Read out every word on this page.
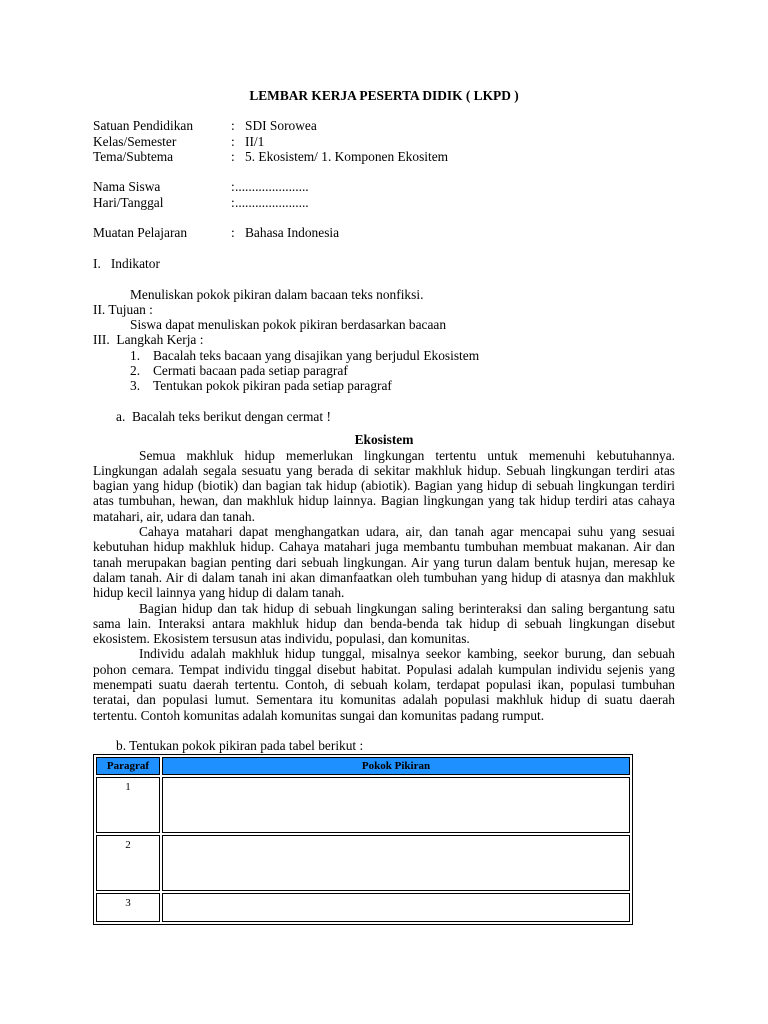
LEMBAR KERJA PESERTA DIDIK ( LKPD )
Satuan Pendidikan	: SDI Sorowea
Kelas/Semester	: II/1
Tema/Subtema	: 5. Ekosistem/ 1. Komponen Ekositem
Nama Siswa	: ......................
Hari/Tanggal	: ......................
Muatan Pelajaran	: Bahasa Indonesia
I.   Indikator
Menuliskan pokok pikiran dalam bacaan teks nonfiksi.
II. Tujuan :
Siswa dapat menuliskan pokok pikiran berdasarkan bacaan
III.  Langkah Kerja :
1. Bacalah teks bacaan yang disajikan yang berjudul Ekosistem
2. Cermati bacaan pada setiap paragraf
3. Tentukan pokok pikiran pada setiap paragraf
a.  Bacalah teks berikut dengan cermat !
Ekosistem

Semua makhluk hidup memerlukan lingkungan tertentu untuk memenuhi kebutuhannya. Lingkungan adalah segala sesuatu yang berada di sekitar makhluk hidup. Sebuah lingkungan terdiri atas bagian yang hidup (biotik) dan bagian tak hidup (abiotik). Bagian yang hidup di sebuah lingkungan terdiri atas tumbuhan, hewan, dan makhluk hidup lainnya. Bagian lingkungan yang tak hidup terdiri atas cahaya matahari, air, udara dan tanah.

Cahaya matahari dapat menghangatkan udara, air, dan tanah agar mencapai suhu yang sesuai kebutuhan hidup makhluk hidup. Cahaya matahari juga membantu tumbuhan membuat makanan. Air dan tanah merupakan bagian penting dari sebuah lingkungan. Air yang turun dalam bentuk hujan, meresap ke dalam tanah. Air di dalam tanah ini akan dimanfaatkan oleh tumbuhan yang hidup di atasnya dan makhluk hidup kecil lainnya yang hidup di dalam tanah.

Bagian hidup dan tak hidup di sebuah lingkungan saling berinteraksi dan saling bergantung satu sama lain. Interaksi antara makhluk hidup dan benda-benda tak hidup di sebuah lingkungan disebut ekosistem. Ekosistem tersusun atas individu, populasi, dan komunitas.

Individu adalah makhluk hidup tunggal, misalnya seekor kambing, seekor burung, dan sebuah pohon cemara. Tempat individu tinggal disebut habitat. Populasi adalah kumpulan individu sejenis yang menempati suatu daerah tertentu. Contoh, di sebuah kolam, terdapat populasi ikan, populasi tumbuhan teratai, dan populasi lumut. Sementara itu komunitas adalah populasi makhluk hidup di suatu daerah tertentu. Contoh komunitas adalah komunitas sungai dan komunitas padang rumput.

b. Tentukan pokok pikiran pada tabel berikut :
Paragraf	Pokok Pikiran
1	
2	
3	
